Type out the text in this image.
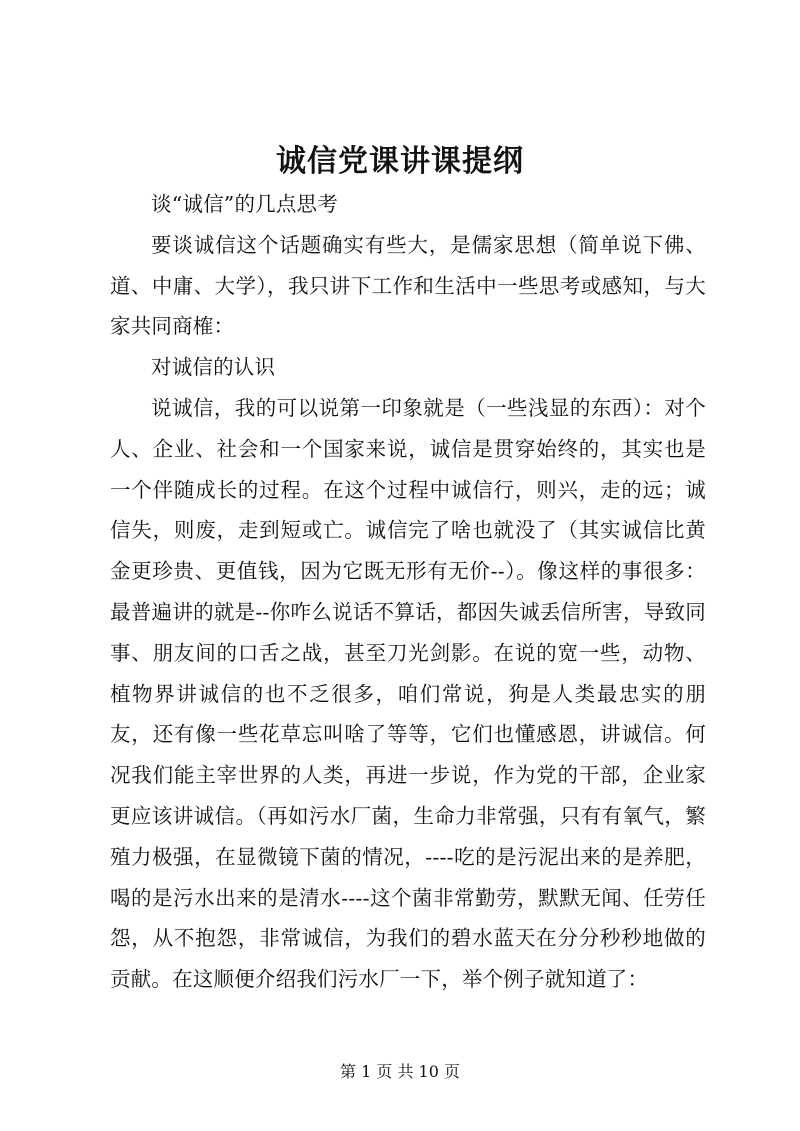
诚信党课讲课提纲

谈“诚信”的几点思考

要谈诚信这个话题确实有些大，是儒家思想（简单说下佛、道、中庸、大学），我只讲下工作和生活中一些思考或感知，与大家共同商榷：

对诚信的认识

说诚信，我的可以说第一印象就是（一些浅显的东西）：对个人、企业、社会和一个国家来说，诚信是贯穿始终的，其实也是一个伴随成长的过程。在这个过程中诚信行，则兴，走的远；诚信失，则废，走到短或亡。诚信完了啥也就没了（其实诚信比黄金更珍贵、更值钱，因为它既无形有无价--）。像这样的事很多：最普遍讲的就是--你咋么说话不算话，都因失诚丢信所害，导致同事、朋友间的口舌之战，甚至刀光剑影。在说的宽一些，动物、植物界讲诚信的也不乏很多，咱们常说，狗是人类最忠实的朋友，还有像一些花草忘叫啥了等等，它们也懂感恩，讲诚信。何况我们能主宰世界的人类，再进一步说，作为党的干部，企业家更应该讲诚信。（再如污水厂菌，生命力非常强，只有有氧气，繁殖力极强，在显微镜下菌的情况，----吃的是污泥出来的是养肥，喝的是污水出来的是清水----这个菌非常勤劳，默默无闻、任劳任怨，从不抱怨，非常诚信，为我们的碧水蓝天在分分秒秒地做的贡献。在这顺便介绍我们污水厂一下，举个例子就知道了：

第 1 页 共 10 页
